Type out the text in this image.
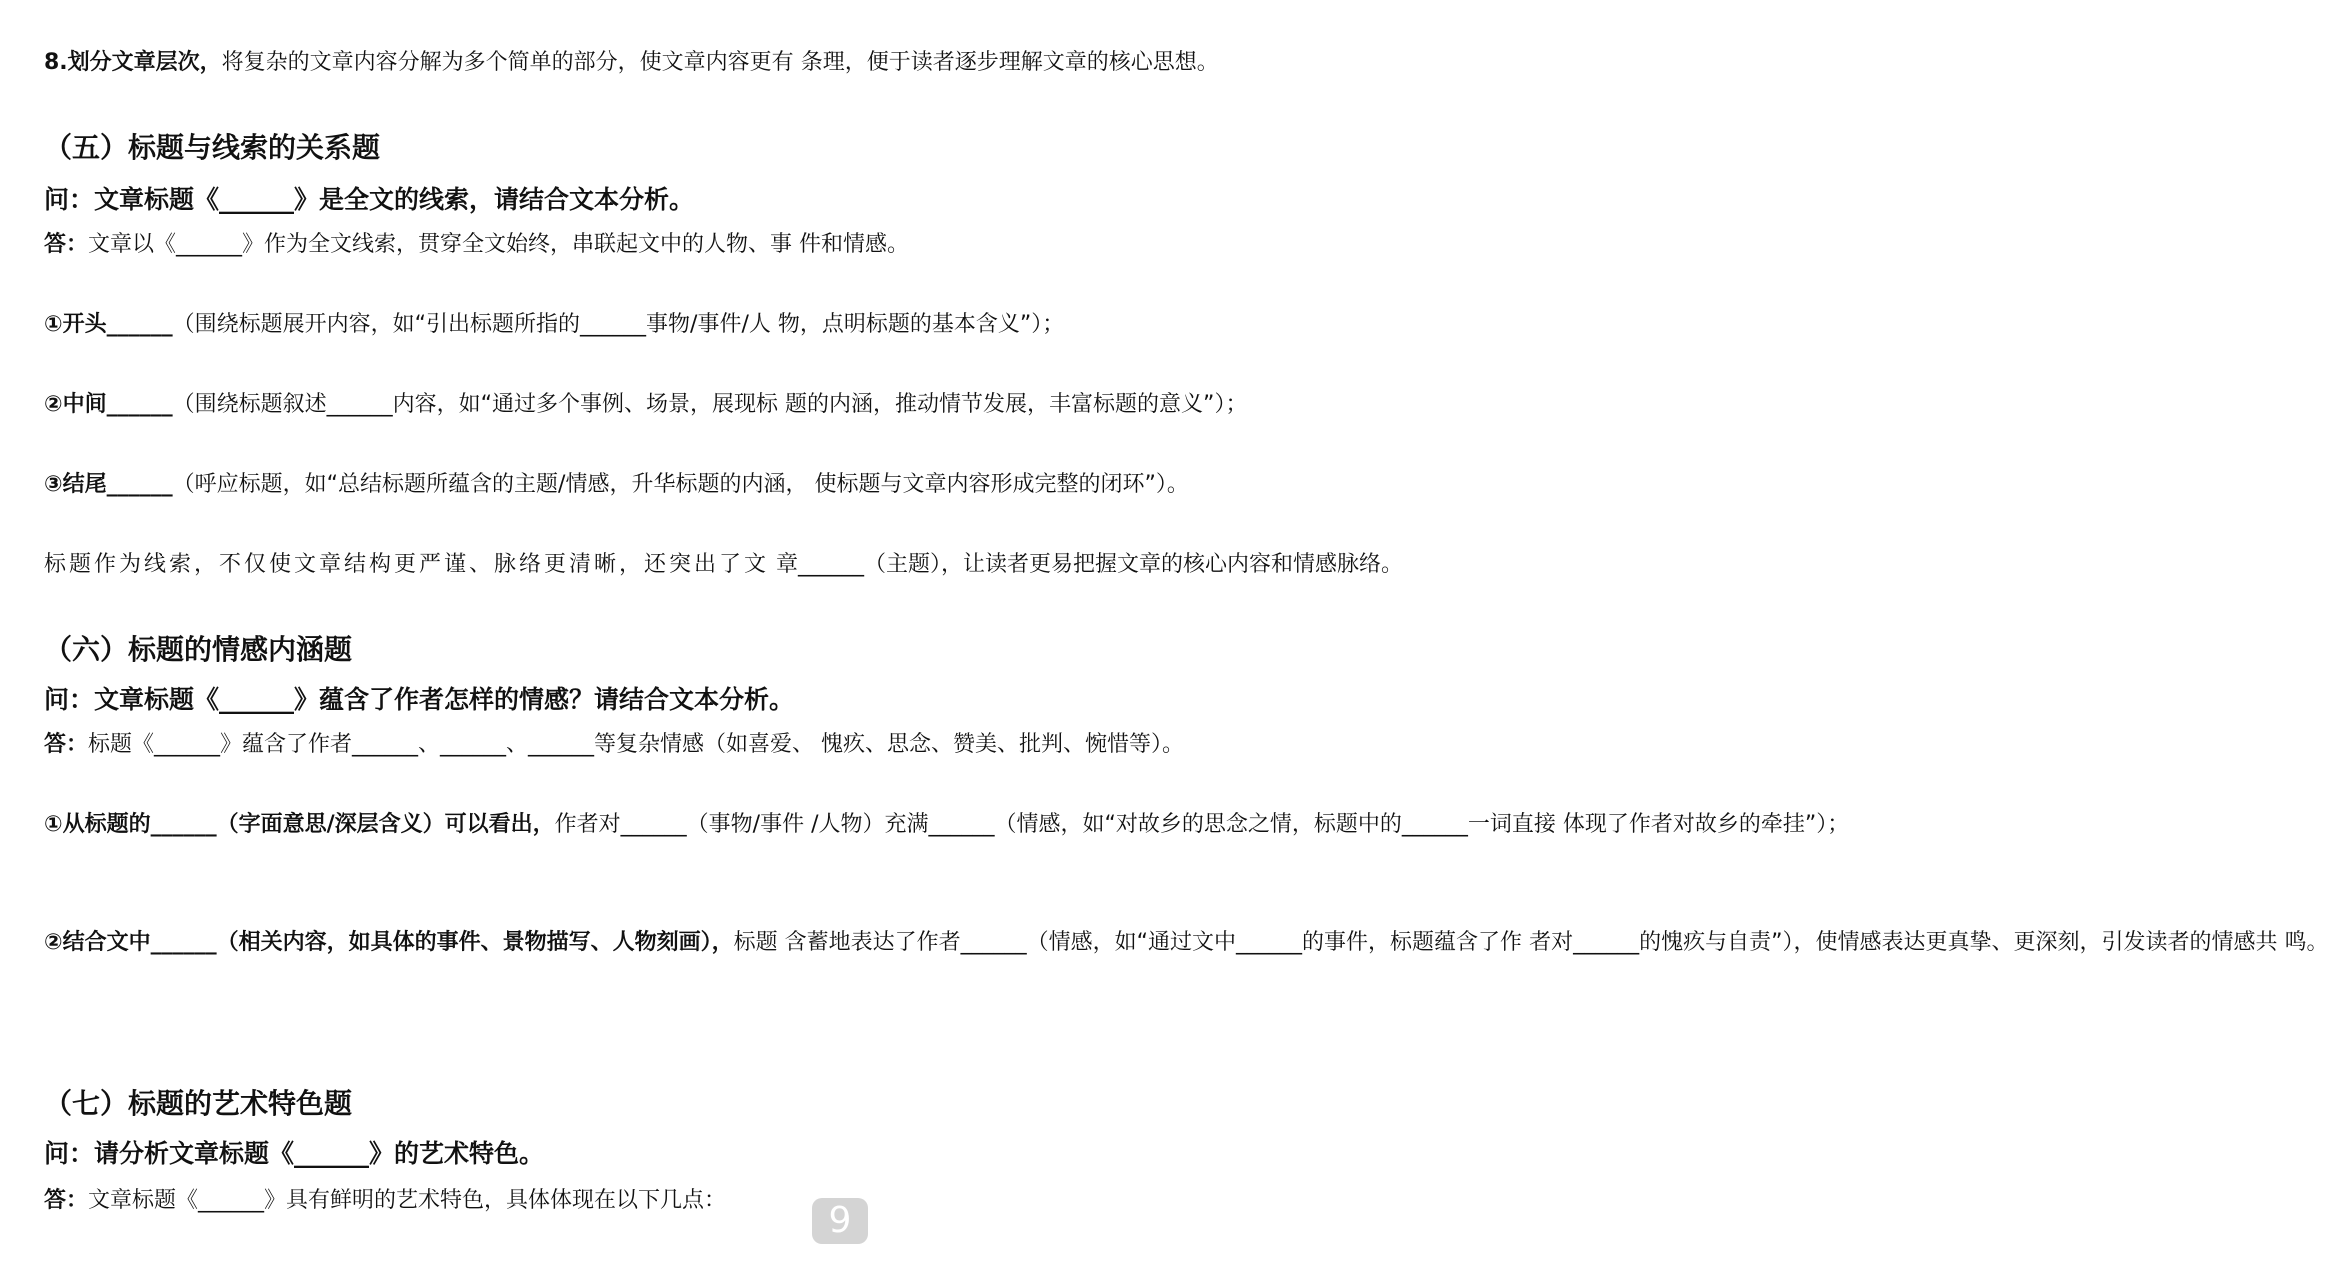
8.划分文章层次，将复杂的文章内容分解为多个简单的部分，使文章内容更有 条理，便于读者逐步理解文章的核心思想。

（五）标题与线索的关系题
问：文章标题《______》是全文的线索，请结合文本分析。

答：文章以《______》作为全文线索，贯穿全文始终，串联起文中的人物、事 件和情感。

①开头______（围绕标题展开内容，如“引出标题所指的______事物/事件/人 物，点明标题的基本含义”）；

②中间______（围绕标题叙述______内容，如“通过多个事例、场景，展现标 题的内涵，推动情节发展，丰富标题的意义”）；

③结尾______（呼应标题，如“总结标题所蕴含的主题/情感，升华标题的内涵， 使标题与文章内容形成完整的闭环”）。

标题作为线索，不仅使文章结构更严谨、脉络更清晰，还突出了文 章______（主题），让读者更易把握文章的核心内容和情感脉络。

（六）标题的情感内涵题
问：文章标题《______》蕴含了作者怎样的情感？请结合文本分析。

答：标题《______》蕴含了作者______、______、______等复杂情感（如喜爱、 愧疚、思念、赞美、批判、惋惜等）。

①从标题的______（字面意思/深层含义）可以看出，作者对______（事物/事件 /人物）充满______（情感，如“对故乡的思念之情，标题中的______一词直接 体现了作者对故乡的牵挂”）；

②结合文中______（相关内容，如具体的事件、景物描写、人物刻画），标题 含蓄地表达了作者______（情感，如“通过文中______的事件，标题蕴含了作 者对______的愧疚与自责”），使情感表达更真挚、更深刻，引发读者的情感共 鸣。

（七）标题的艺术特色题
问：请分析文章标题《______》的艺术特色。

答：文章标题《______》具有鲜明的艺术特色，具体体现在以下几点：	9
